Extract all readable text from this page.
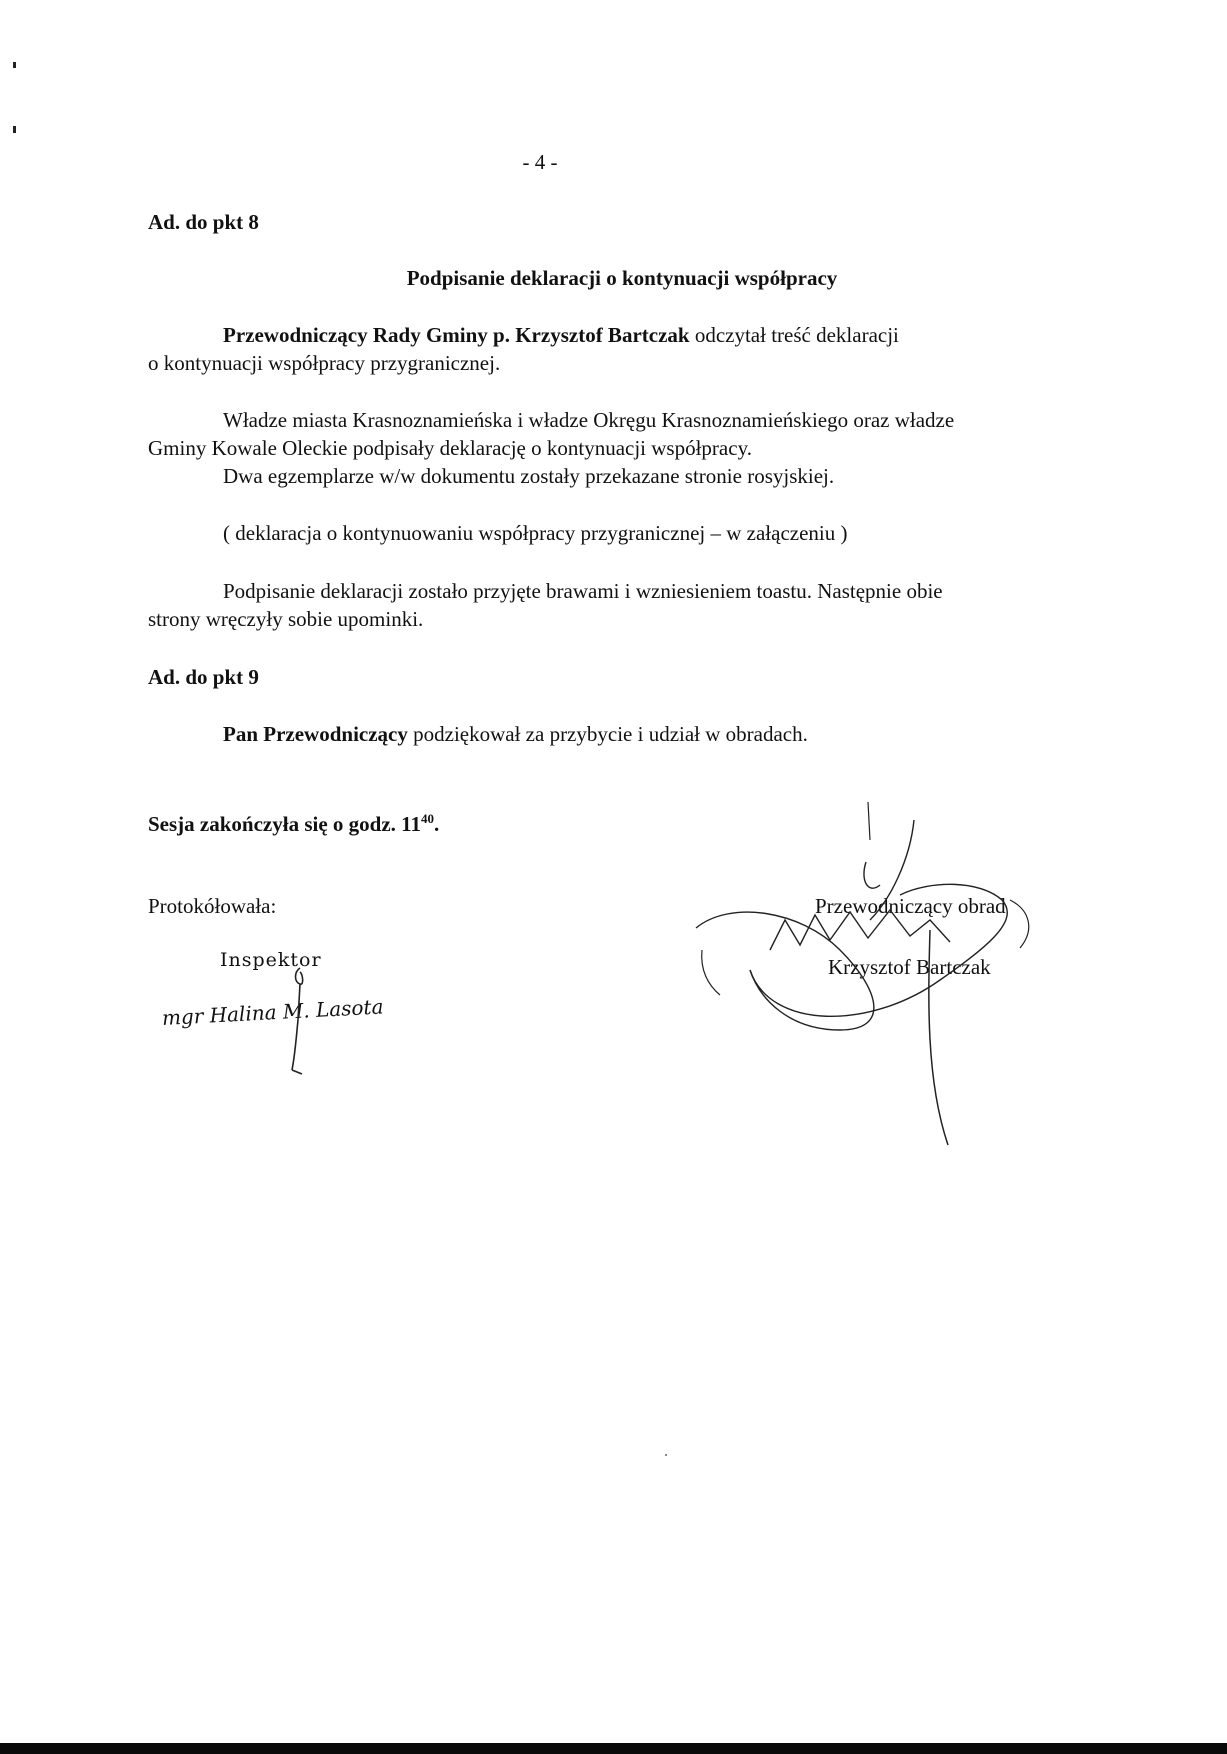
- 4 -
Ad. do pkt 8
Podpisanie deklaracji o kontynuacji współpracy
Przewodniczący Rady Gminy p. Krzysztof Bartczak odczytał treść deklaracji
o kontynuacji współpracy przygranicznej.
Władze miasta Krasnoznamieńska i władze Okręgu Krasnoznamieńskiego oraz władze
Gminy Kowale Oleckie podpisały deklarację o kontynuacji współpracy.
Dwa egzemplarze w/w dokumentu zostały przekazane stronie rosyjskiej.
( deklaracja o kontynuowaniu współpracy przygranicznej – w załączeniu )
Podpisanie deklaracji zostało przyjęte brawami i wzniesieniem toastu. Następnie obie
strony wręczyły sobie upominki.
Ad. do pkt 9
Pan Przewodniczący podziękował za przybycie i udział w obradach.
Sesja zakończyła się o godz. $11^{40}$.
Protokółowała:
Inspektor
mgr Halina M. Lasota
Przewodniczący obrad
Krzysztof Bartczak
